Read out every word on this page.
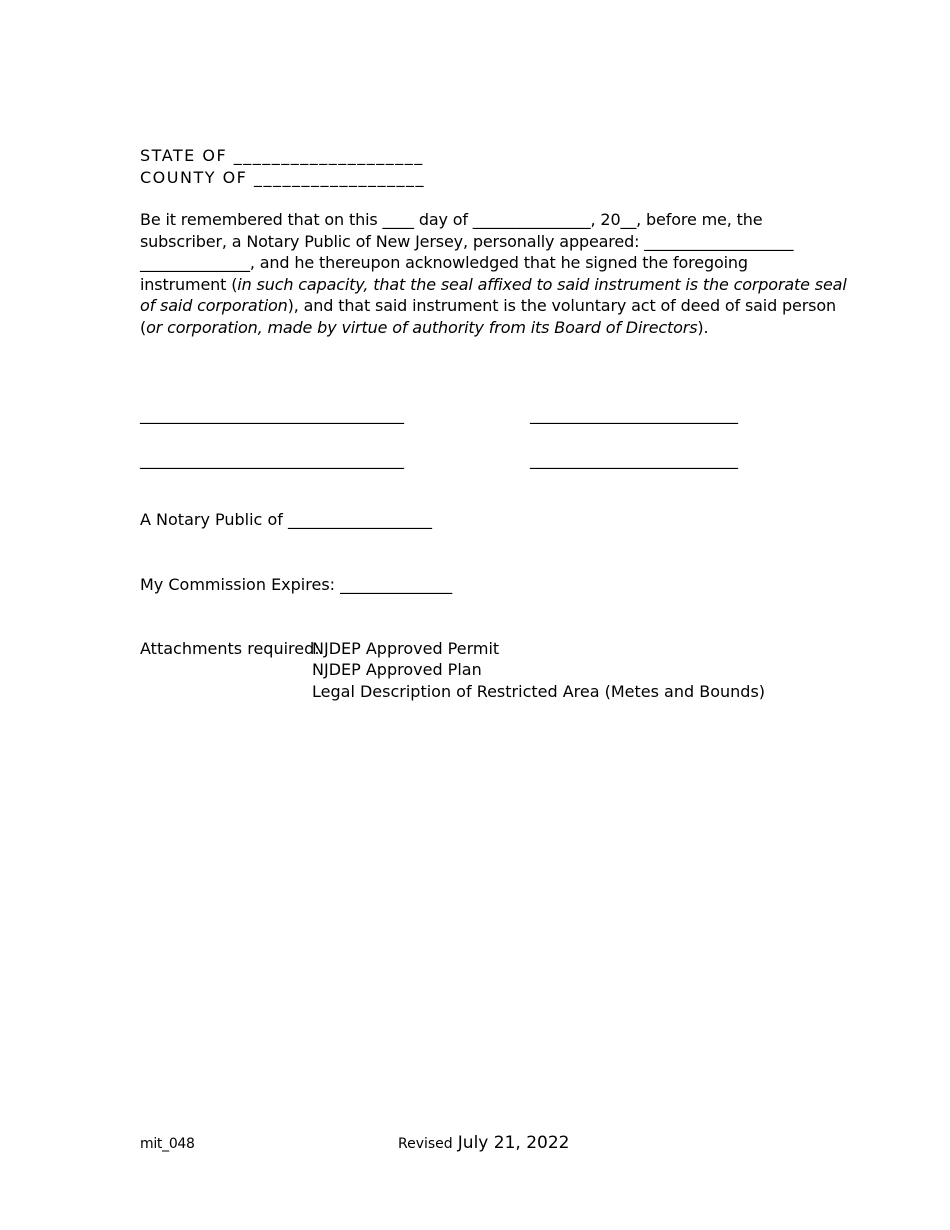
STATE OF ____________________
COUNTY OF __________________
Be it remembered that on this ____ day of _______________, 20__, before me, the
subscriber, a Notary Public of New Jersey, personally appeared: ___________________
______________, and he thereupon acknowledged that he signed the foregoing
instrument (in such capacity, that the seal affixed to said instrument is the corporate seal
of said corporation), and that said instrument is the voluntary act of deed of said person
(or corporation, made by virtue of authority from its Board of Directors).
_________________________________	__________________________
_________________________________	__________________________
A Notary Public of __________________
My Commission Expires: ______________
Attachments required:
NJDEP Approved Permit
NJDEP Approved Plan
Legal Description of Restricted Area (Metes and Bounds)
mit_048	Revised July 21, 2022
